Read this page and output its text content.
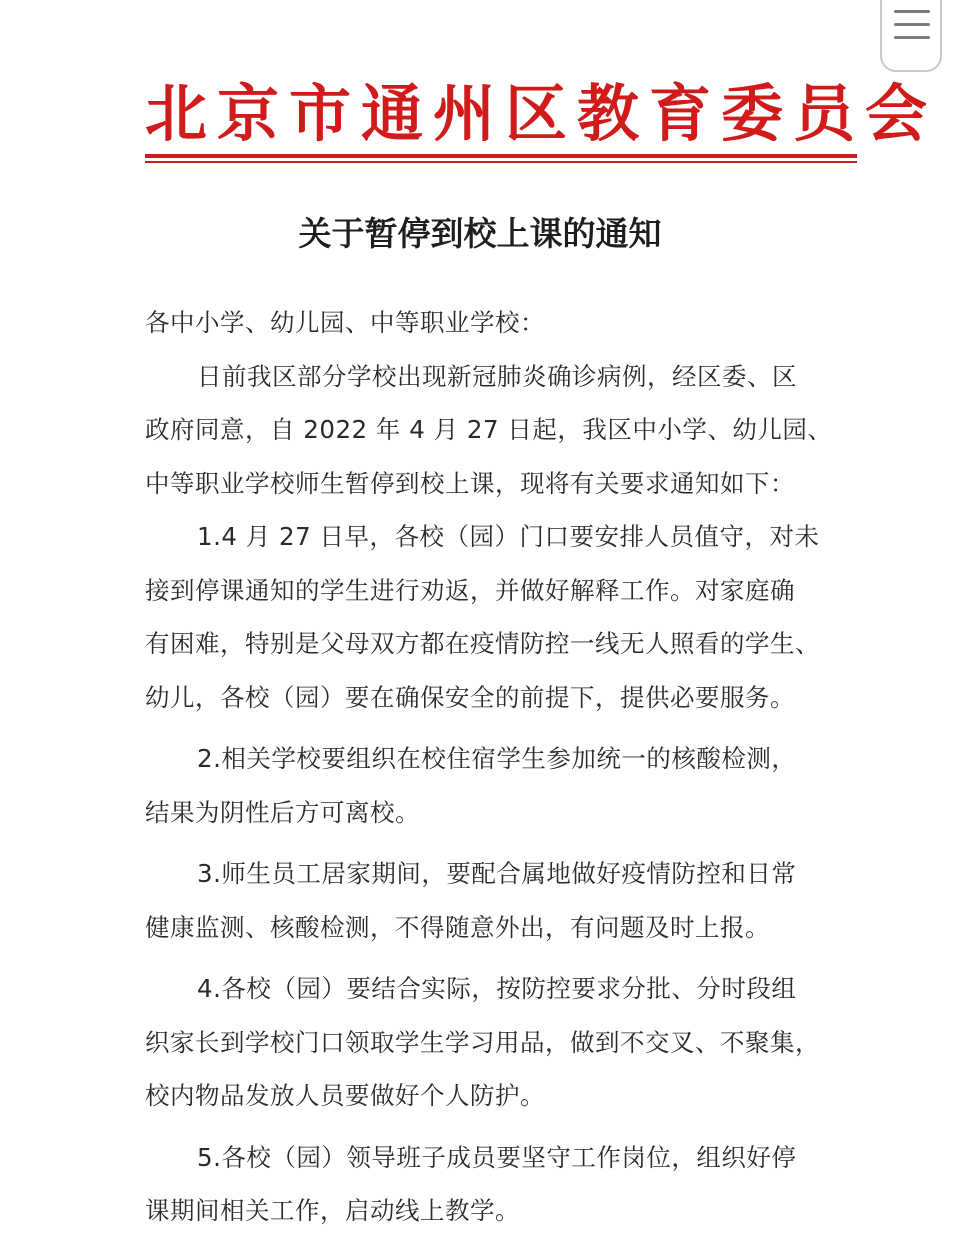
北京市通州区教育委员会
关于暂停到校上课的通知
各中小学、幼儿园、中等职业学校：
日前我区部分学校出现新冠肺炎确诊病例，经区委、区
政府同意，自 2022 年 4 月 27 日起，我区中小学、幼儿园、
中等职业学校师生暂停到校上课，现将有关要求通知如下：
1.4 月 27 日早，各校（园）门口要安排人员值守，对未
接到停课通知的学生进行劝返，并做好解释工作。对家庭确
有困难，特别是父母双方都在疫情防控一线无人照看的学生、
幼儿，各校（园）要在确保安全的前提下，提供必要服务。
2.相关学校要组织在校住宿学生参加统一的核酸检测，
结果为阴性后方可离校。
3.师生员工居家期间，要配合属地做好疫情防控和日常
健康监测、核酸检测，不得随意外出，有问题及时上报。
4.各校（园）要结合实际，按防控要求分批、分时段组
织家长到学校门口领取学生学习用品，做到不交叉、不聚集，
校内物品发放人员要做好个人防护。
5.各校（园）领导班子成员要坚守工作岗位，组织好停
课期间相关工作，启动线上教学。
